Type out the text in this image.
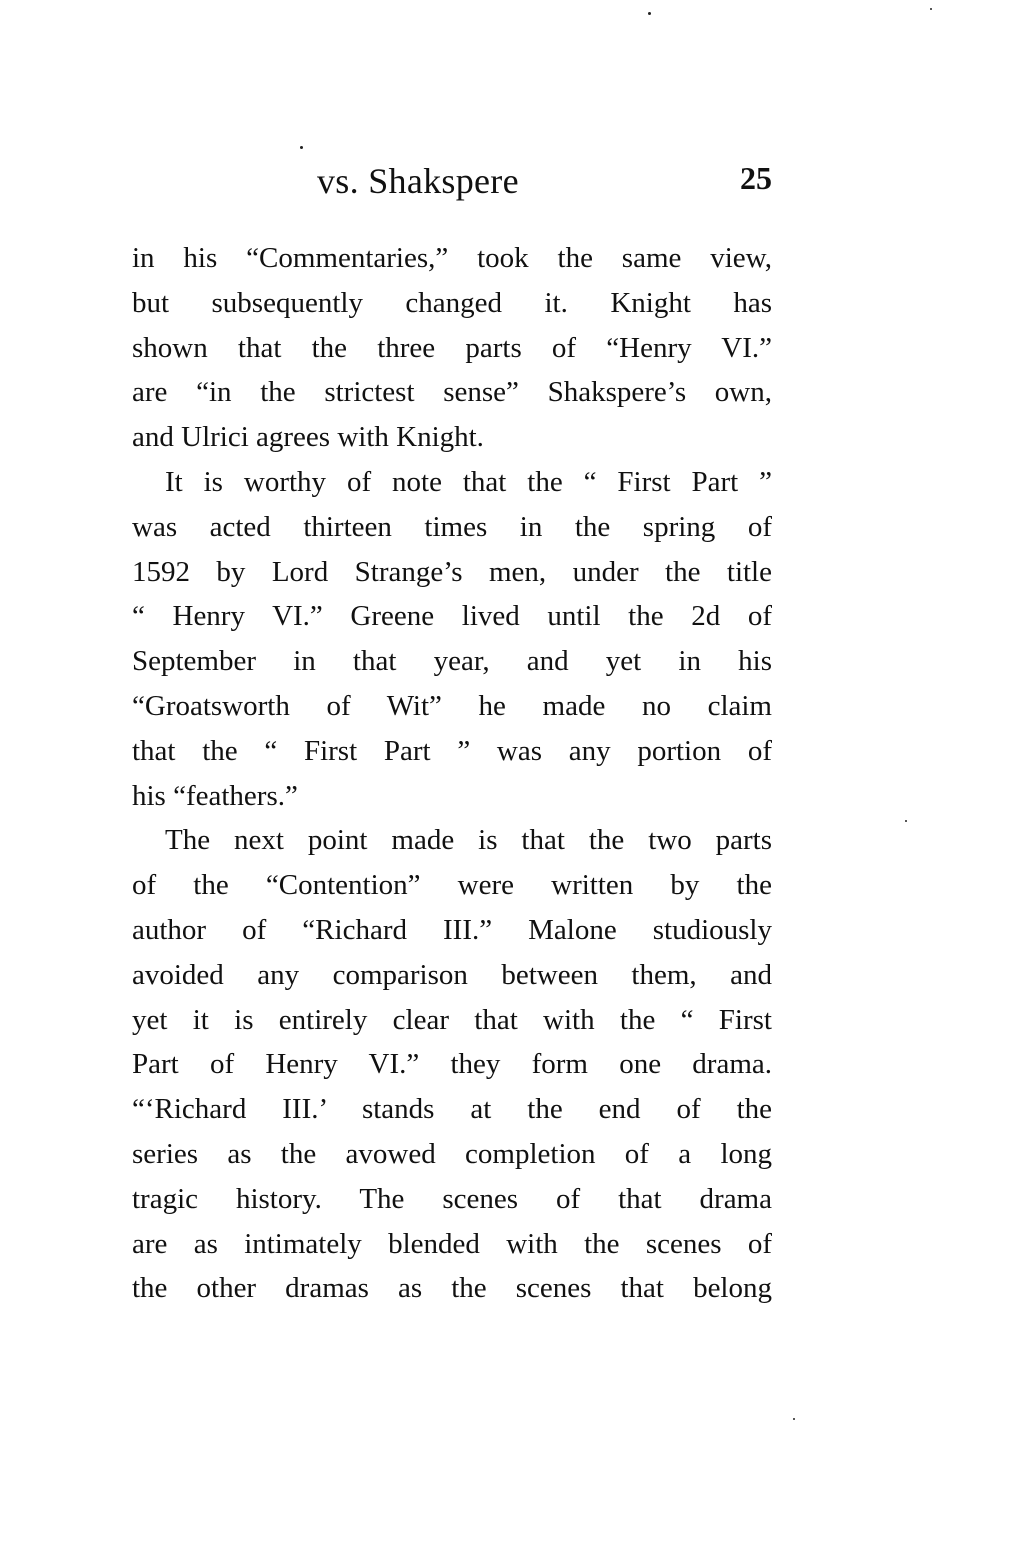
vs. Shakspere	25
in his “Commentaries,” took the same view,
but subsequently changed it. Knight has
shown that the three parts of “Henry VI.”
are “in the strictest sense” Shakspere’s own,
and Ulrici agrees with Knight.
It is worthy of note that the “ First Part ”
was acted thirteen times in the spring of
1592 by Lord Strange’s men, under the title
“ Henry VI.” Greene lived until the 2d of
September in that year, and yet in his
“Groatsworth of Wit” he made no claim
that the “ First Part ” was any portion of
his “feathers.”
The next point made is that the two parts
of the “Contention” were written by the
author of “Richard III.” Malone studiously
avoided any comparison between them, and
yet it is entirely clear that with the “ First
Part of Henry VI.” they form one drama.
“‘Richard III.’ stands at the end of the
series as the avowed completion of a long
tragic history. The scenes of that drama
are as intimately blended with the scenes of
the other dramas as the scenes that belong
